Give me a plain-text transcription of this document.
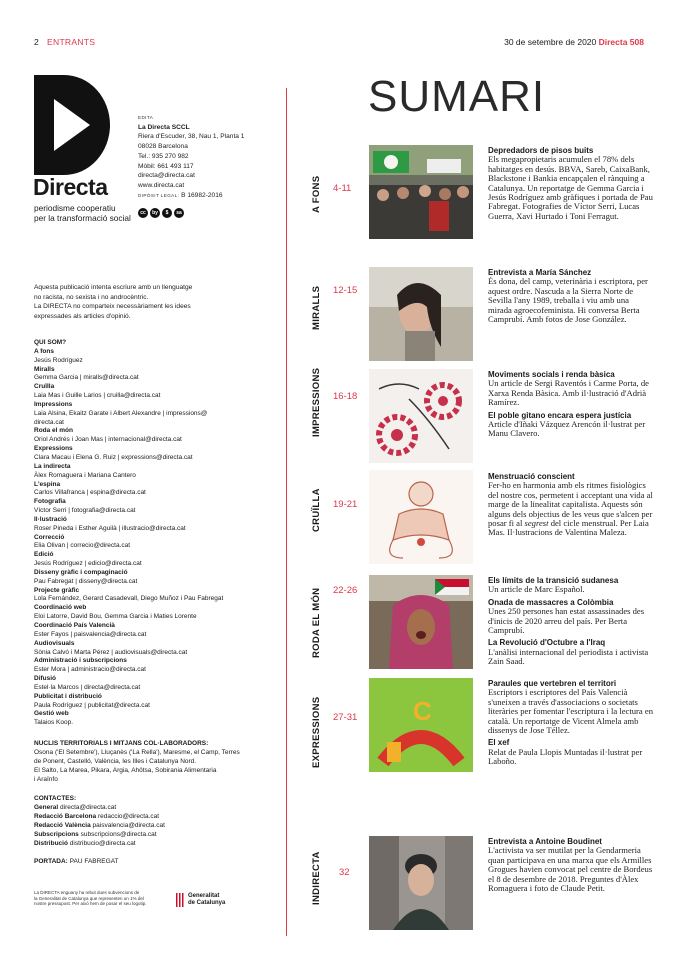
2 ENTRANTS	30 de setembre de 2020 Directa 508
Directa
periodisme cooperatiu
per la transformació social
EDITA
La Directa SCCL
Riera d'Escuder, 38, Nau 1, Planta 1
08028 Barcelona
Tel.: 935 270 982
Mòbil: 661 493 117
directa@directa.cat
www.directa.cat
DIPÒSIT LEGAL: B 16982-2016
cc	by	$	sa
Aquesta publicació intenta escriure amb un llenguatge
no racista, no sexista i no androcèntric.
La DIRECTA no comparteix necessàriament les idees
expressades als articles d'opinió.
QUI SOM?
A fons
Jesús Rodríguez
Miralls
Gemma Garcia | miralls@directa.cat
Cruïlla
Laia Mas i Guille Larios | cruilla@directa.cat
Impressions
Laia Alsina, Ekaitz Garate i Albert Alexandre | impressions@
directa.cat
Roda el món
Oriol Andrés i Joan Mas | internacional@directa.cat
Expressions
Clara Macau i Elena G. Ruiz | expressions@directa.cat
La indirecta
Àlex Romaguera i Mariana Cantero
L'espina
Carlos Villafranca | espina@directa.cat
Fotografia
Víctor Serri | fotografia@directa.cat
Il·lustració
Roser Pineda i Esther Aguilà | illustracio@directa.cat
Correcció
Elia Olivan | correcio@directa.cat
Edició
Jesús Rodríguez | edicio@directa.cat
Disseny gràfic i compaginació
Pau Fabregat | disseny@directa.cat
Projecte gràfic
Lola Fernández, Gerard Casadevall, Diego Muñoz i Pau Fabregat
Coordinació web
Eloi Latorre, David Bou, Gemma Garcia i Maties Lorente
Coordinació País Valencià
Ester Fayos | paisvalencia@directa.cat
Audiovisuals
Sònia Calvó i Marta Pérez | audiovisuals@directa.cat
Administració i subscripcions
Ester Mora | administracio@directa.cat
Difusió
Estel·la Marcos | directa@directa.cat
Publicitat i distribució
Paula Rodríguez | publicitat@directa.cat
Gestió web
Talaios Koop.
NUCLIS TERRITORIALS I MITJANS COL·LABORADORS:
Osona ('El Setembre'), Lluçanès ('La Rella'), Maresme, el Camp, Terres
de Ponent, Castelló, València, les Illes i Catalunya Nord.
El Salto, La Marea, Pikara, Argia, Ahötsa, Sobirania Alimentaria
i Araïnfo
CONTACTES:
General directa@directa.cat
Redacció Barcelona redaccio@directa.cat
Redacció València paisvalencia@directa.cat
Subscripcions subscripcions@directa.cat
Distribució distribucio@directa.cat
PORTADA: PAU FABREGAT
La DIRECTA enguany ha rebut dues subvencions de
la Generalitat de Catalunya que representen un 1% del
nostre pressupost. Per això hem de posar el seu logotip.
Generalitat
de Catalunya
SUMARI
A FONS 4-11
Depredadors de pisos buits
Els megapropietaris acumulen el 78% dels habitatges en desús. BBVA, Sareb, CaixaBank, Blackstone i Bankia encapçalen el rànquing a Catalunya. Un reportatge de Gemma Garcia i Jesús Rodríguez amb gràfiques i portada de Pau Fabregat. Fotografies de Víctor Serri, Lucas Guerra, Xavi Hurtado i Toni Ferragut.
MIRALLS 12-15
Entrevista a María Sánchez
És dona, del camp, veterinària i escriptora, per aquest ordre. Nascuda a la Sierra Norte de Sevilla l'any 1989, treballa i viu amb una mirada agroecofeminista. Hi conversa Berta Camprubí. Amb fotos de Jose González.
IMPRESSIONS 16-18
Moviments socials i renda bàsica
Un article de Sergi Raventós i Carme Porta, de Xarxa Renda Bàsica. Amb il·lustració d'Adrià Ramírez.
El poble gitano encara espera justícia
Article d'Iñaki Vázquez Arencón il·lustrat per Manu Clavero.
CRUÏLLA 19-21
Menstruació conscient
Fer-ho en harmonia amb els ritmes fisiològics del nostre cos, permetent i acceptant una vida al marge de la linealitat capitalista. Aquests són alguns dels objectius de les veus que s'alcen per posar fi al segrest del cicle menstrual. Per Laia Mas. Il·lustracions de Valentina Maleza.
RODA EL MÓN 22-26
Els límits de la transició sudanesa
Un article de Marc Español.
Onada de massacres a Colòmbia
Unes 250 persones han estat assassinades des d'inicis de 2020 arreu del país. Per Berta Camprubí.
La Revolució d'Octubre a l'Iraq
L'anàlisi internacional del periodista i activista Zain Saad.
EXPRESSIONS 27-31
Paraules que vertebren el territori
Escriptors i escriptores del País Valencià s'uneixen a través d'associacions o societats literàries per fomentar l'escriptura i la lectura en català. Un reportatge de Vicent Almela amb dissenys de Jose Téllez.
El xef
Relat de Paula Llopis Muntadas il·lustrat per Laboño.
INDIRECTA 32
Entrevista a Antoine Boudinet
L'activista va ser mutilat per la Gendarmeria quan participava en una marxa que els Armilles Grogues havien convocat pel centre de Bordeus el 8 de desembre de 2018. Preguntes d'Àlex Romaguera i foto de Claude Petit.
C
